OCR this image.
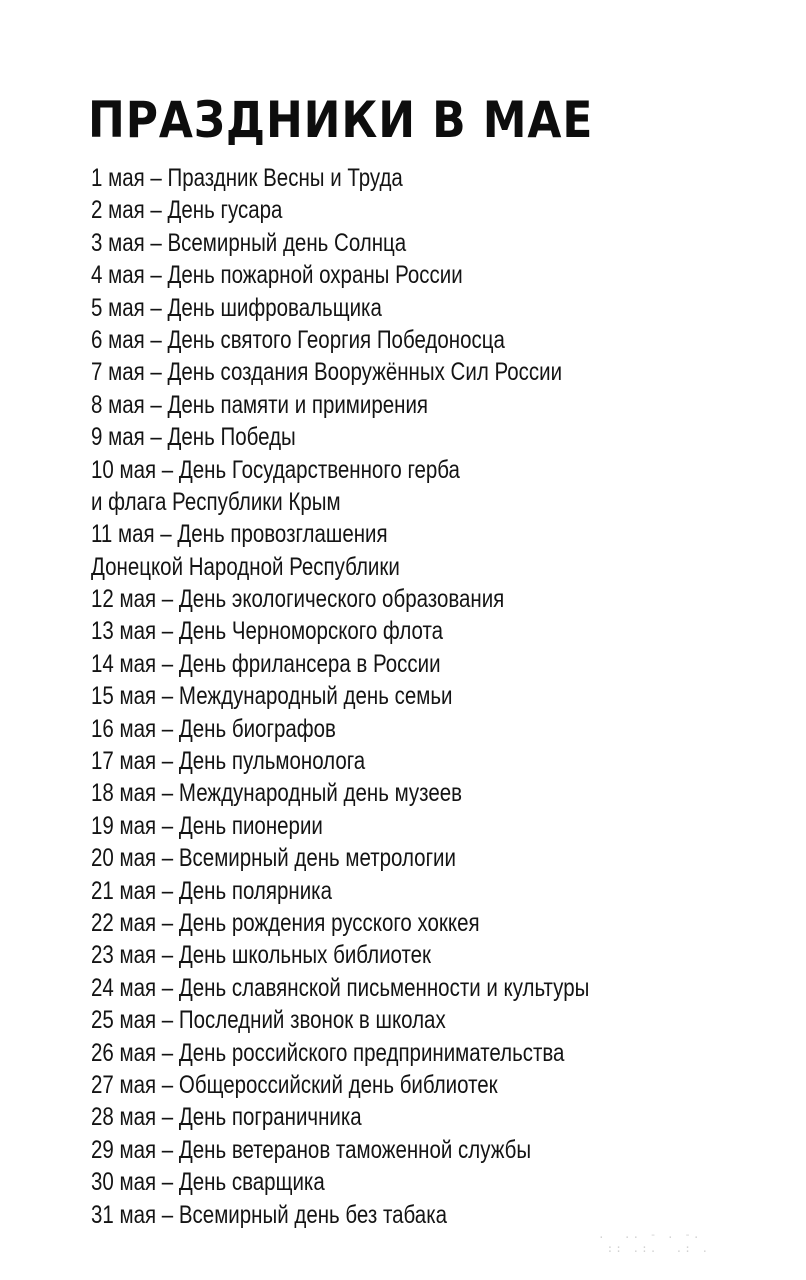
ПРАЗДНИКИ В МАЕ
1 мая – Праздник Весны и Труда
2 мая – День гусара
3 мая – Всемирный день Солнца
4 мая – День пожарной охраны России
5 мая – День шифровальщика
6 мая – День святого Георгия Победоносца
7 мая – День создания Вооружённых Сил России
8 мая – День памяти и примирения
9 мая – День Победы
10 мая – День Государственного герба
и флага Республики Крым
11 мая – День провозглашения
Донецкой Народной Республики
12 мая – День экологического образования
13 мая – День Черноморского флота
14 мая – День фрилансера в России
15 мая – Международный день семьи
16 мая – День биографов
17 мая – День пульмонолога
18 мая – Международный день музеев
19 мая – День пионерии
20 мая – Всемирный день метрологии
21 мая – День полярника
22 мая – День рождения русского хоккея
23 мая – День школьных библиотек
24 мая – День славянской письменности и культуры
25 мая – Последний звонок в школах
26 мая – День российского предпринимательства
27 мая – Общероссийский день библиотек
28 мая – День пограничника
29 мая – День ветеранов таможенной службы
30 мая – День сварщика
31 мая – Всемирный день без табака
.  .. - . -.
:: .:.  .: .
